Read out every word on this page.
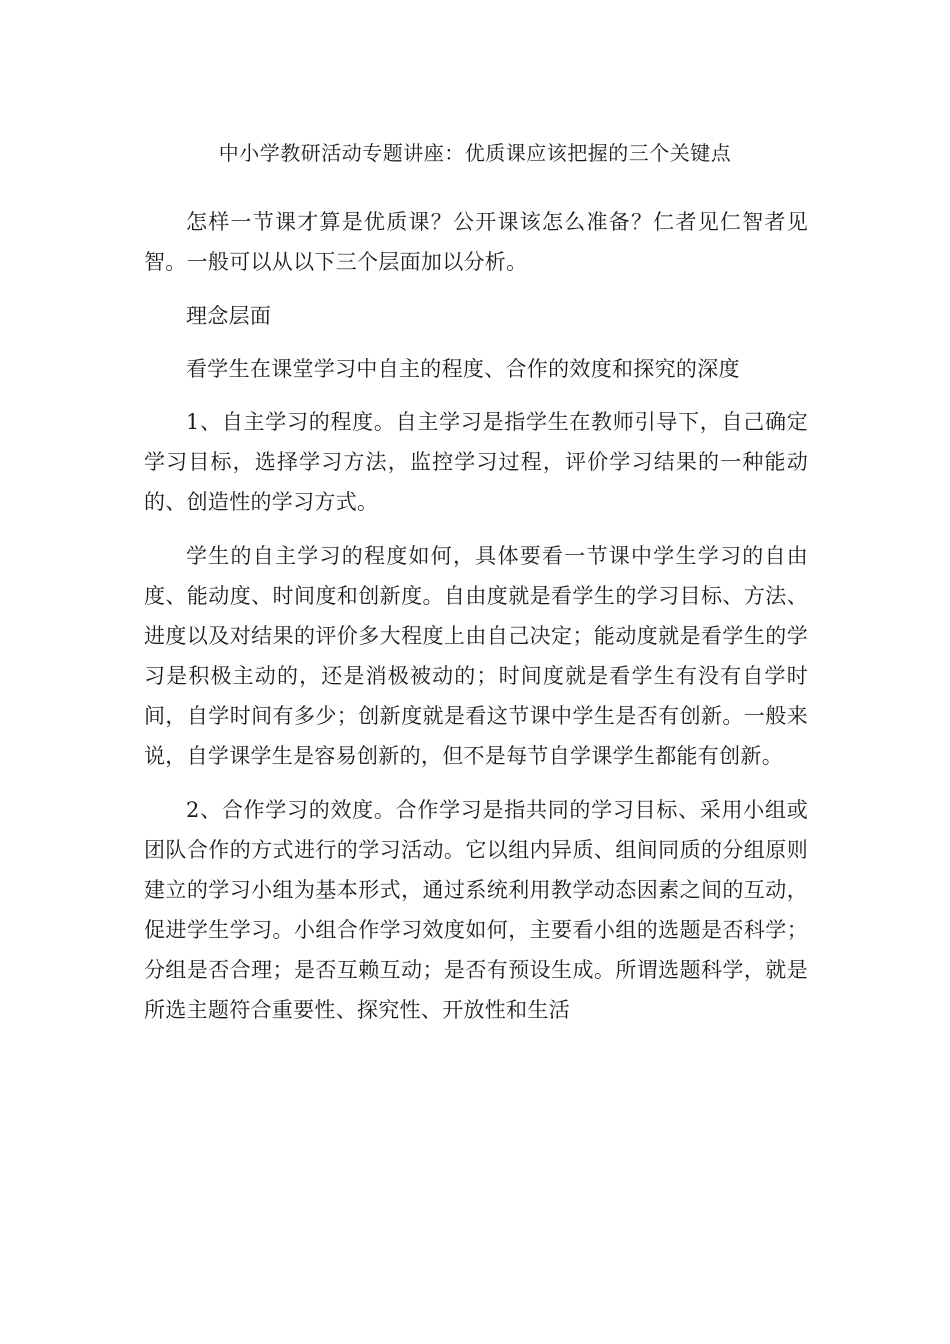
中小学教研活动专题讲座：优质课应该把握的三个关键点

怎样一节课才算是优质课？公开课该怎么准备？仁者见仁智者见智。一般可以从以下三个层面加以分析。

理念层面

看学生在课堂学习中自主的程度、合作的效度和探究的深度

1、自主学习的程度。自主学习是指学生在教师引导下，自己确定学习目标，选择学习方法，监控学习过程，评价学习结果的一种能动的、创造性的学习方式。

学生的自主学习的程度如何，具体要看一节课中学生学习的自由度、能动度、时间度和创新度。自由度就是看学生的学习目标、方法、进度以及对结果的评价多大程度上由自己决定；能动度就是看学生的学习是积极主动的，还是消极被动的；时间度就是看学生有没有自学时间，自学时间有多少；创新度就是看这节课中学生是否有创新。一般来说，自学课学生是容易创新的，但不是每节自学课学生都能有创新。

2、合作学习的效度。合作学习是指共同的学习目标、采用小组或团队合作的方式进行的学习活动。它以组内异质、组间同质的分组原则建立的学习小组为基本形式，通过系统利用教学动态因素之间的互动，促进学生学习。小组合作学习效度如何，主要看小组的选题是否科学；分组是否合理；是否互赖互动；是否有预设生成。所谓选题科学，就是所选主题符合重要性、探究性、开放性和生活
